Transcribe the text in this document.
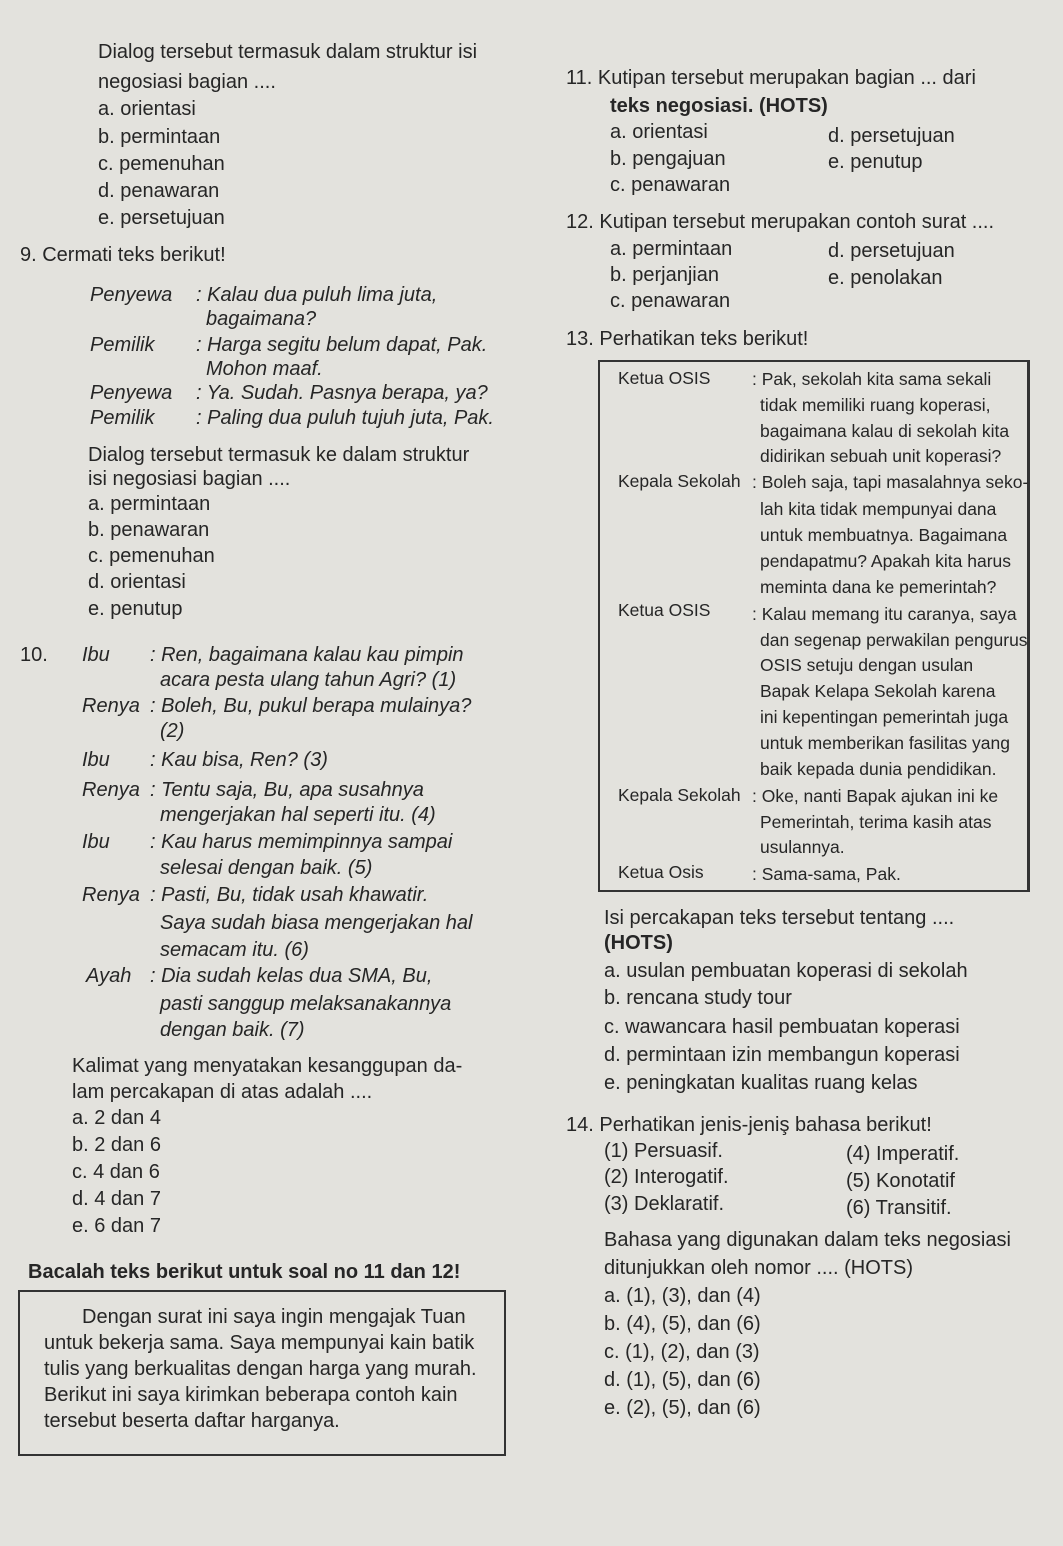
Dialog tersebut termasuk dalam struktur isi
negosiasi bagian ....
a. orientasi
b. permintaan
c. pemenuhan
d. penawaran
e. persetujuan
9. Cermati teks berikut!
Penyewa : Kalau dua puluh lima juta,
bagaimana?
Pemilik : Harga segitu belum dapat, Pak.
Mohon maaf.
Penyewa : Ya. Sudah. Pasnya berapa, ya?
Pemilik : Paling dua puluh tujuh juta, Pak.
Dialog tersebut termasuk ke dalam struktur
isi negosiasi bagian ....
a. permintaan
b. penawaran
c. pemenuhan
d. orientasi
e. penutup
10. Ibu : Ren, bagaimana kalau kau pimpin
acara pesta ulang tahun Agri? (1)
Renya : Boleh, Bu, pukul berapa mulainya?
(2)
Ibu : Kau bisa, Ren? (3)
Renya : Tentu saja, Bu, apa susahnya
mengerjakan hal seperti itu. (4)
Ibu : Kau harus memimpinnya sampai
selesai dengan baik. (5)
Renya : Pasti, Bu, tidak usah khawatir.
Saya sudah biasa mengerjakan hal
semacam itu. (6)
Ayah : Dia sudah kelas dua SMA, Bu,
pasti sanggup melaksanakannya
dengan baik. (7)
Kalimat yang menyatakan kesanggupan da-
lam percakapan di atas adalah ....
a. 2 dan 4
b. 2 dan 6
c. 4 dan 6
d. 4 dan 7
e. 6 dan 7
Bacalah teks berikut untuk soal no 11 dan 12!
Dengan surat ini saya ingin mengajak Tuan
untuk bekerja sama. Saya mempunyai kain batik
tulis yang berkualitas dengan harga yang murah.
Berikut ini saya kirimkan beberapa contoh kain
tersebut beserta daftar harganya.
11. Kutipan tersebut merupakan bagian ... dari
teks negosiasi. (HOTS)
a. orientasi	d. persetujuan
b. pengajuan	e. penutup
c. penawaran
12. Kutipan tersebut merupakan contoh surat ....
a. permintaan	d. persetujuan
b. perjanjian	e. penolakan
c. penawaran
13. Perhatikan teks berikut!
Ketua OSIS : Pak, sekolah kita sama sekali
tidak memiliki ruang koperasi,
bagaimana kalau di sekolah kita
didirikan sebuah unit koperasi?
Kepala Sekolah : Boleh saja, tapi masalahnya seko-
lah kita tidak mempunyai dana
untuk membuatnya. Bagaimana
pendapatmu? Apakah kita harus
meminta dana ke pemerintah?
Ketua OSIS : Kalau memang itu caranya, saya
dan segenap perwakilan pengurus
OSIS setuju dengan usulan
Bapak Kelapa Sekolah karena
ini kepentingan pemerintah juga
untuk memberikan fasilitas yang
baik kepada dunia pendidikan.
Kepala Sekolah : Oke, nanti Bapak ajukan ini ke
Pemerintah, terima kasih atas
usulannya.
Ketua Osis	: Sama-sama, Pak.
Isi percakapan teks tersebut tentang ....
(HOTS)
a. usulan pembuatan koperasi di sekolah
b. rencana study tour
c. wawancara hasil pembuatan koperasi
d. permintaan izin membangun koperasi
e. peningkatan kualitas ruang kelas
14. Perhatikan jenis-jeniş bahasa berikut!
(1) Persuasif.	(4) Imperatif.
(2) Interogatif.	(5) Konotatif
(3) Deklaratif.	(6) Transitif.
Bahasa yang digunakan dalam teks negosiasi
ditunjukkan oleh nomor .... (HOTS)
a. (1), (3), dan (4)
b. (4), (5), dan (6)
c. (1), (2), dan (3)
d. (1), (5), dan (6)
e. (2), (5), dan (6)
